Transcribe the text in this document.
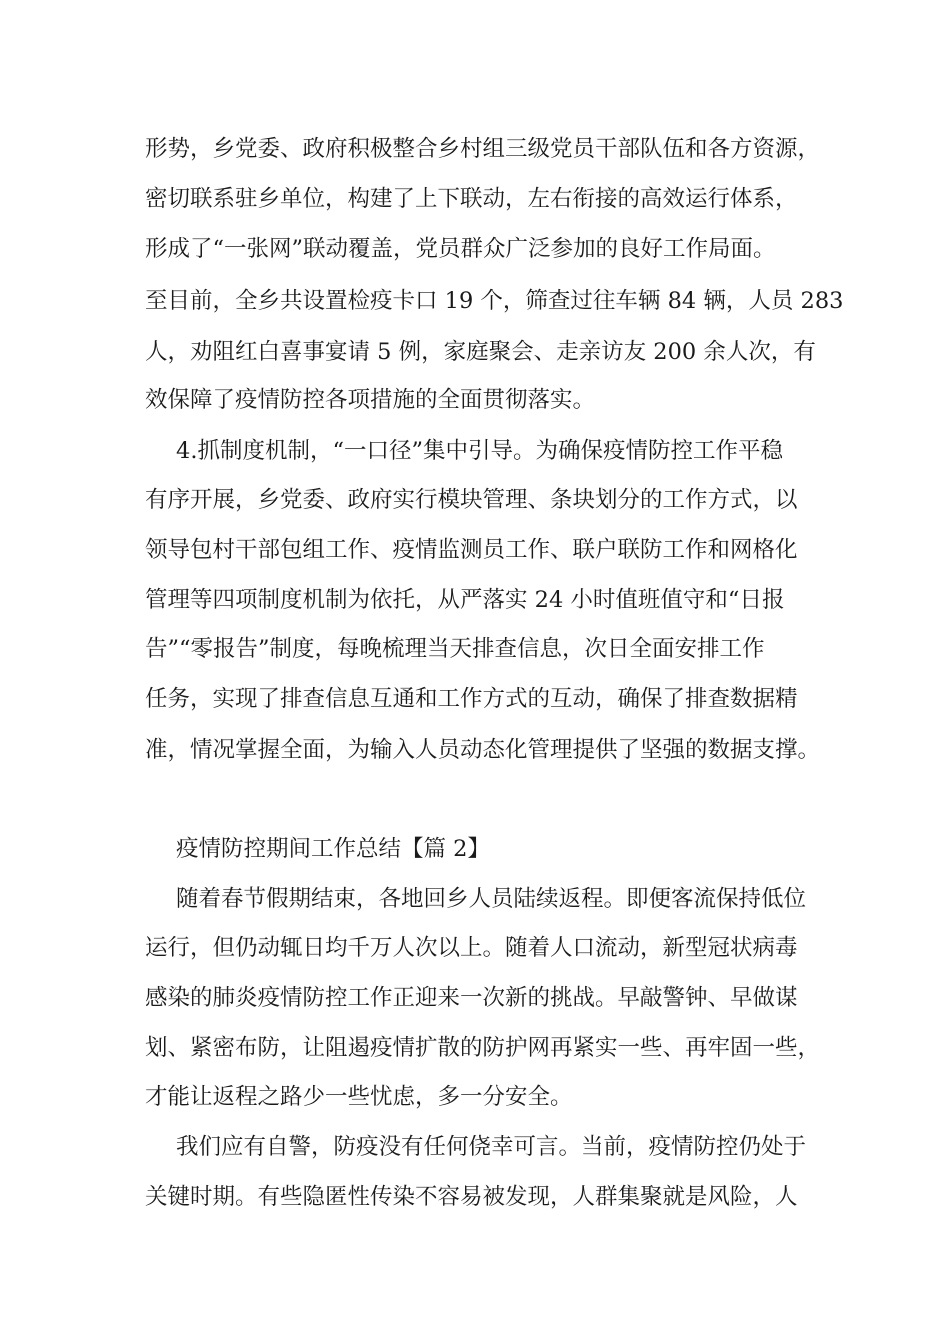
形势，乡党委、政府积极整合乡村组三级党员干部队伍和各方资源，
密切联系驻乡单位，构建了上下联动，左右衔接的高效运行体系，
形成了“一张网”联动覆盖，党员群众广泛参加的良好工作局面。
至目前，全乡共设置检疫卡口 19 个，筛查过往车辆 84 辆，人员 283
人，劝阻红白喜事宴请 5 例，家庭聚会、走亲访友 200 余人次，有
效保障了疫情防控各项措施的全面贯彻落实。
4.抓制度机制，“一口径”集中引导。为确保疫情防控工作平稳
有序开展，乡党委、政府实行模块管理、条块划分的工作方式，以
领导包村干部包组工作、疫情监测员工作、联户联防工作和网格化
管理等四项制度机制为依托，从严落实 24 小时值班值守和“日报
告”“零报告”制度，每晚梳理当天排查信息，次日全面安排工作
任务，实现了排查信息互通和工作方式的互动，确保了排查数据精
准，情况掌握全面，为输入人员动态化管理提供了坚强的数据支撑。
疫情防控期间工作总结【篇 2】
随着春节假期结束，各地回乡人员陆续返程。即便客流保持低位
运行，但仍动辄日均千万人次以上。随着人口流动，新型冠状病毒
感染的肺炎疫情防控工作正迎来一次新的挑战。早敲警钟、早做谋
划、紧密布防，让阻遏疫情扩散的防护网再紧实一些、再牢固一些，
才能让返程之路少一些忧虑，多一分安全。
我们应有自警，防疫没有任何侥幸可言。当前，疫情防控仍处于
关键时期。有些隐匿性传染不容易被发现，人群集聚就是风险，人
